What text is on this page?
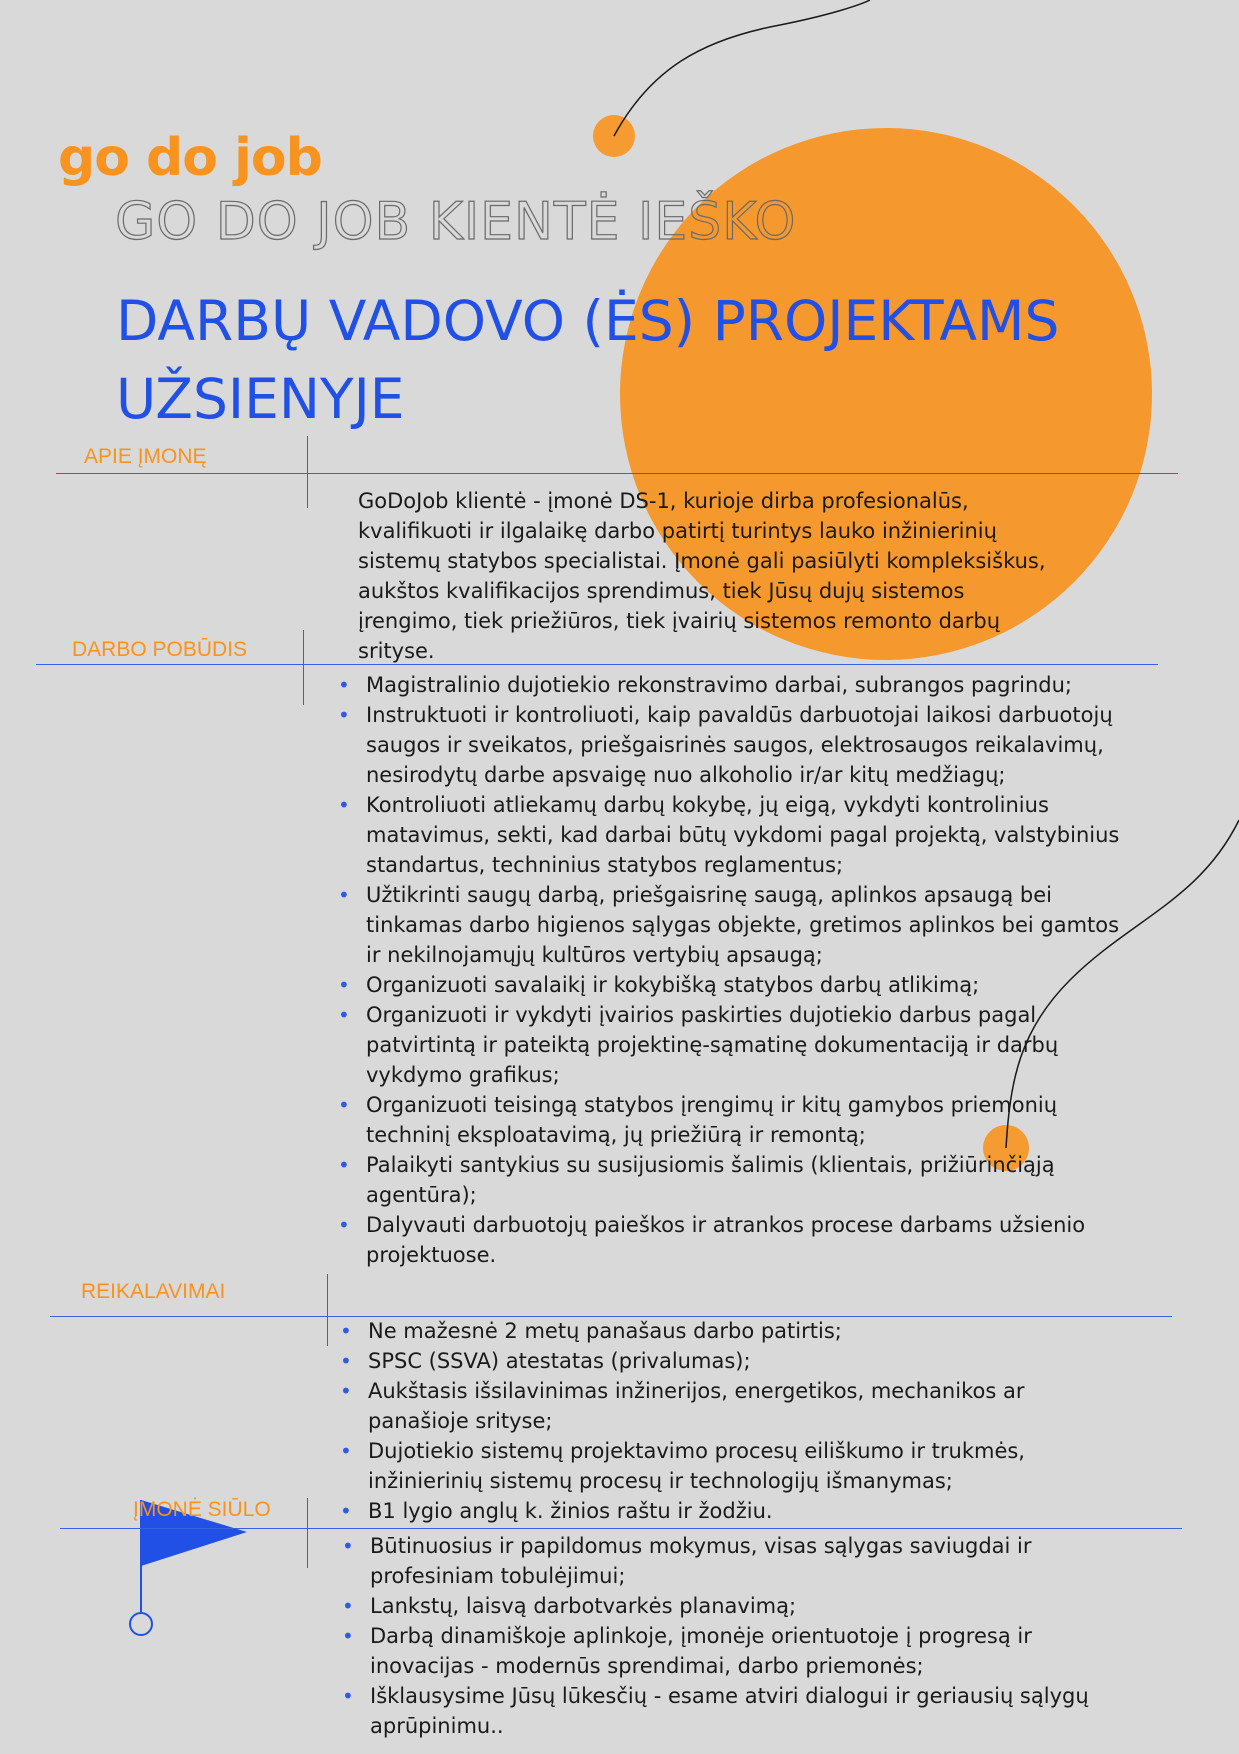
go do job
GO DO JOB KIENTĖ IEŠKO
DARBŲ VADOVO (ĖS) PROJEKTAMS
UŽSIENYJE
APIE ĮMONĘ
GoDoJob klientė - įmonė DS-1, kurioje dirba profesionalūs,
kvalifikuoti ir ilgalaikę darbo patirtį turintys lauko inžinierinių
sistemų statybos specialistai. Įmonė gali pasiūlyti kompleksiškus,
aukštos kvalifikacijos sprendimus, tiek Jūsų dujų sistemos
įrengimo, tiek priežiūros, tiek įvairių sistemos remonto darbų
srityse.
DARBO POBŪDIS
• Magistralinio dujotiekio rekonstravimo darbai, subrangos pagrindu;
• Instruktuoti ir kontroliuoti, kaip pavaldūs darbuotojai laikosi darbuotojų saugos ir sveikatos, priešgaisrinės saugos, elektrosaugos reikalavimų, nesirodytų darbe apsvaigę nuo alkoholio ir/ar kitų medžiagų;
• Kontroliuoti atliekamų darbų kokybę, jų eigą, vykdyti kontrolinius matavimus, sekti, kad darbai būtų vykdomi pagal projektą, valstybinius standartus, techninius statybos reglamentus;
• Užtikrinti saugų darbą, priešgaisrinę saugą, aplinkos apsaugą bei tinkamas darbo higienos sąlygas objekte, gretimos aplinkos bei gamtos ir nekilnojamųjų kultūros vertybių apsaugą;
• Organizuoti savalaikį ir kokybišką statybos darbų atlikimą;
• Organizuoti ir vykdyti įvairios paskirties dujotiekio darbus pagal patvirtintą ir pateiktą projektinę-sąmatinę dokumentaciją ir darbų vykdymo grafikus;
• Organizuoti teisingą statybos įrengimų ir kitų gamybos priemonių techninį eksploatavimą, jų priežiūrą ir remontą;
• Palaikyti santykius su susijusiomis šalimis (klientais, prižiūrinčiąją agentūra);
• Dalyvauti darbuotojų paieškos ir atrankos procese darbams užsienio projektuose.
REIKALAVIMAI
• Ne mažesnė 2 metų panašaus darbo patirtis;
• SPSC (SSVA) atestatas (privalumas);
• Aukštasis išsilavinimas inžinerijos, energetikos, mechanikos ar panašioje srityse;
• Dujotiekio sistemų projektavimo procesų eiliškumo ir trukmės, inžinierinių sistemų procesų ir technologijų išmanymas;
• B1 lygio anglų k. žinios raštu ir žodžiu.
ĮMONĖ SIŪLO
• Būtinuosius ir papildomus mokymus, visas sąlygas saviugdai ir profesiniam tobulėjimui;
• Lankstų, laisvą darbotvarkės planavimą;
• Darbą dinamiškoje aplinkoje, įmonėje orientuotoje į progresą ir inovacijas - modernūs sprendimai, darbo priemonės;
• Išklausysime Jūsų lūkesčių - esame atviri dialogui ir geriausių sąlygų aprūpinimu..
